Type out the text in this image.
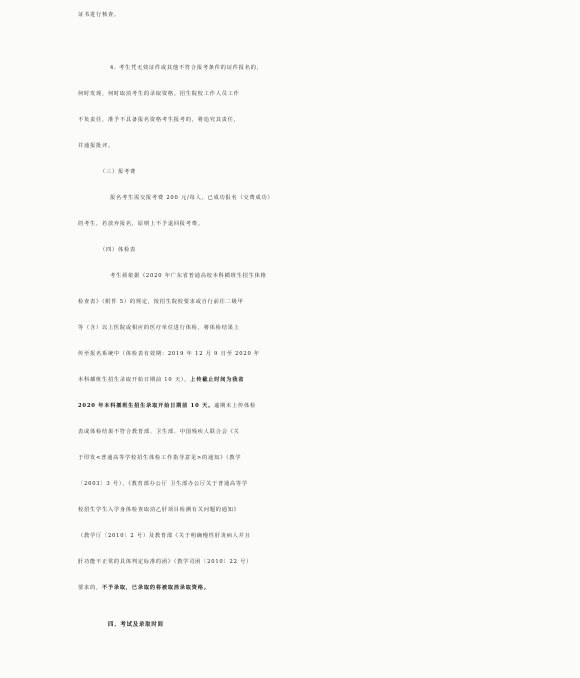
证书进行核查。
4. 考生凭无效证件或其他不符合报考条件的证件报名的，
何时发现，何时取消考生的录取资格。招生院校工作人员工作
不负责任，准予不具备报名资格考生报考的，将追究其责任，
并通报批评。
（三）报考费
报名考生需交报考费 200 元/每人。已成功报名（交费成功）
的考生，若放弃报名，原则上不予退回报考费。
（四）体检表
考生须依据《2020 年广东省普通高校本科插班生招生体格
检查表》（附件 5）的规定，按招生院校要求或自行前往二级甲
等（含）以上医院或相应的医疗单位进行体检，将体检结果上
传至报名系统中（体检表有效期：2019 年 12 月 9 日至 2020 年
本科插班生招生录取开始日期前 10 天），上传截止时间为我省
2020 年本科插班生招生录取开始日期前 10 天。逾期未上传体检
表或体检结果不符合教育部、卫生部、中国残疾人联合会《关
于印发<普通高等学校招生体检工作指导意见>的通知》（教学
〔2003〕3 号）、《教育部办公厅 卫生部办公厅关于普通高等学
校招生学生入学身体检查取消乙肝项目检测有关问题的通知》
（教学厅〔2010〕2 号）及教育部《关于明确慢性肝炎病人并且
肝功能不正常的具体判定标准的函》（教学司函〔2010〕22 号）
要求的，不予录取，已录取的将被取消录取资格。
四、考试及录取时间
